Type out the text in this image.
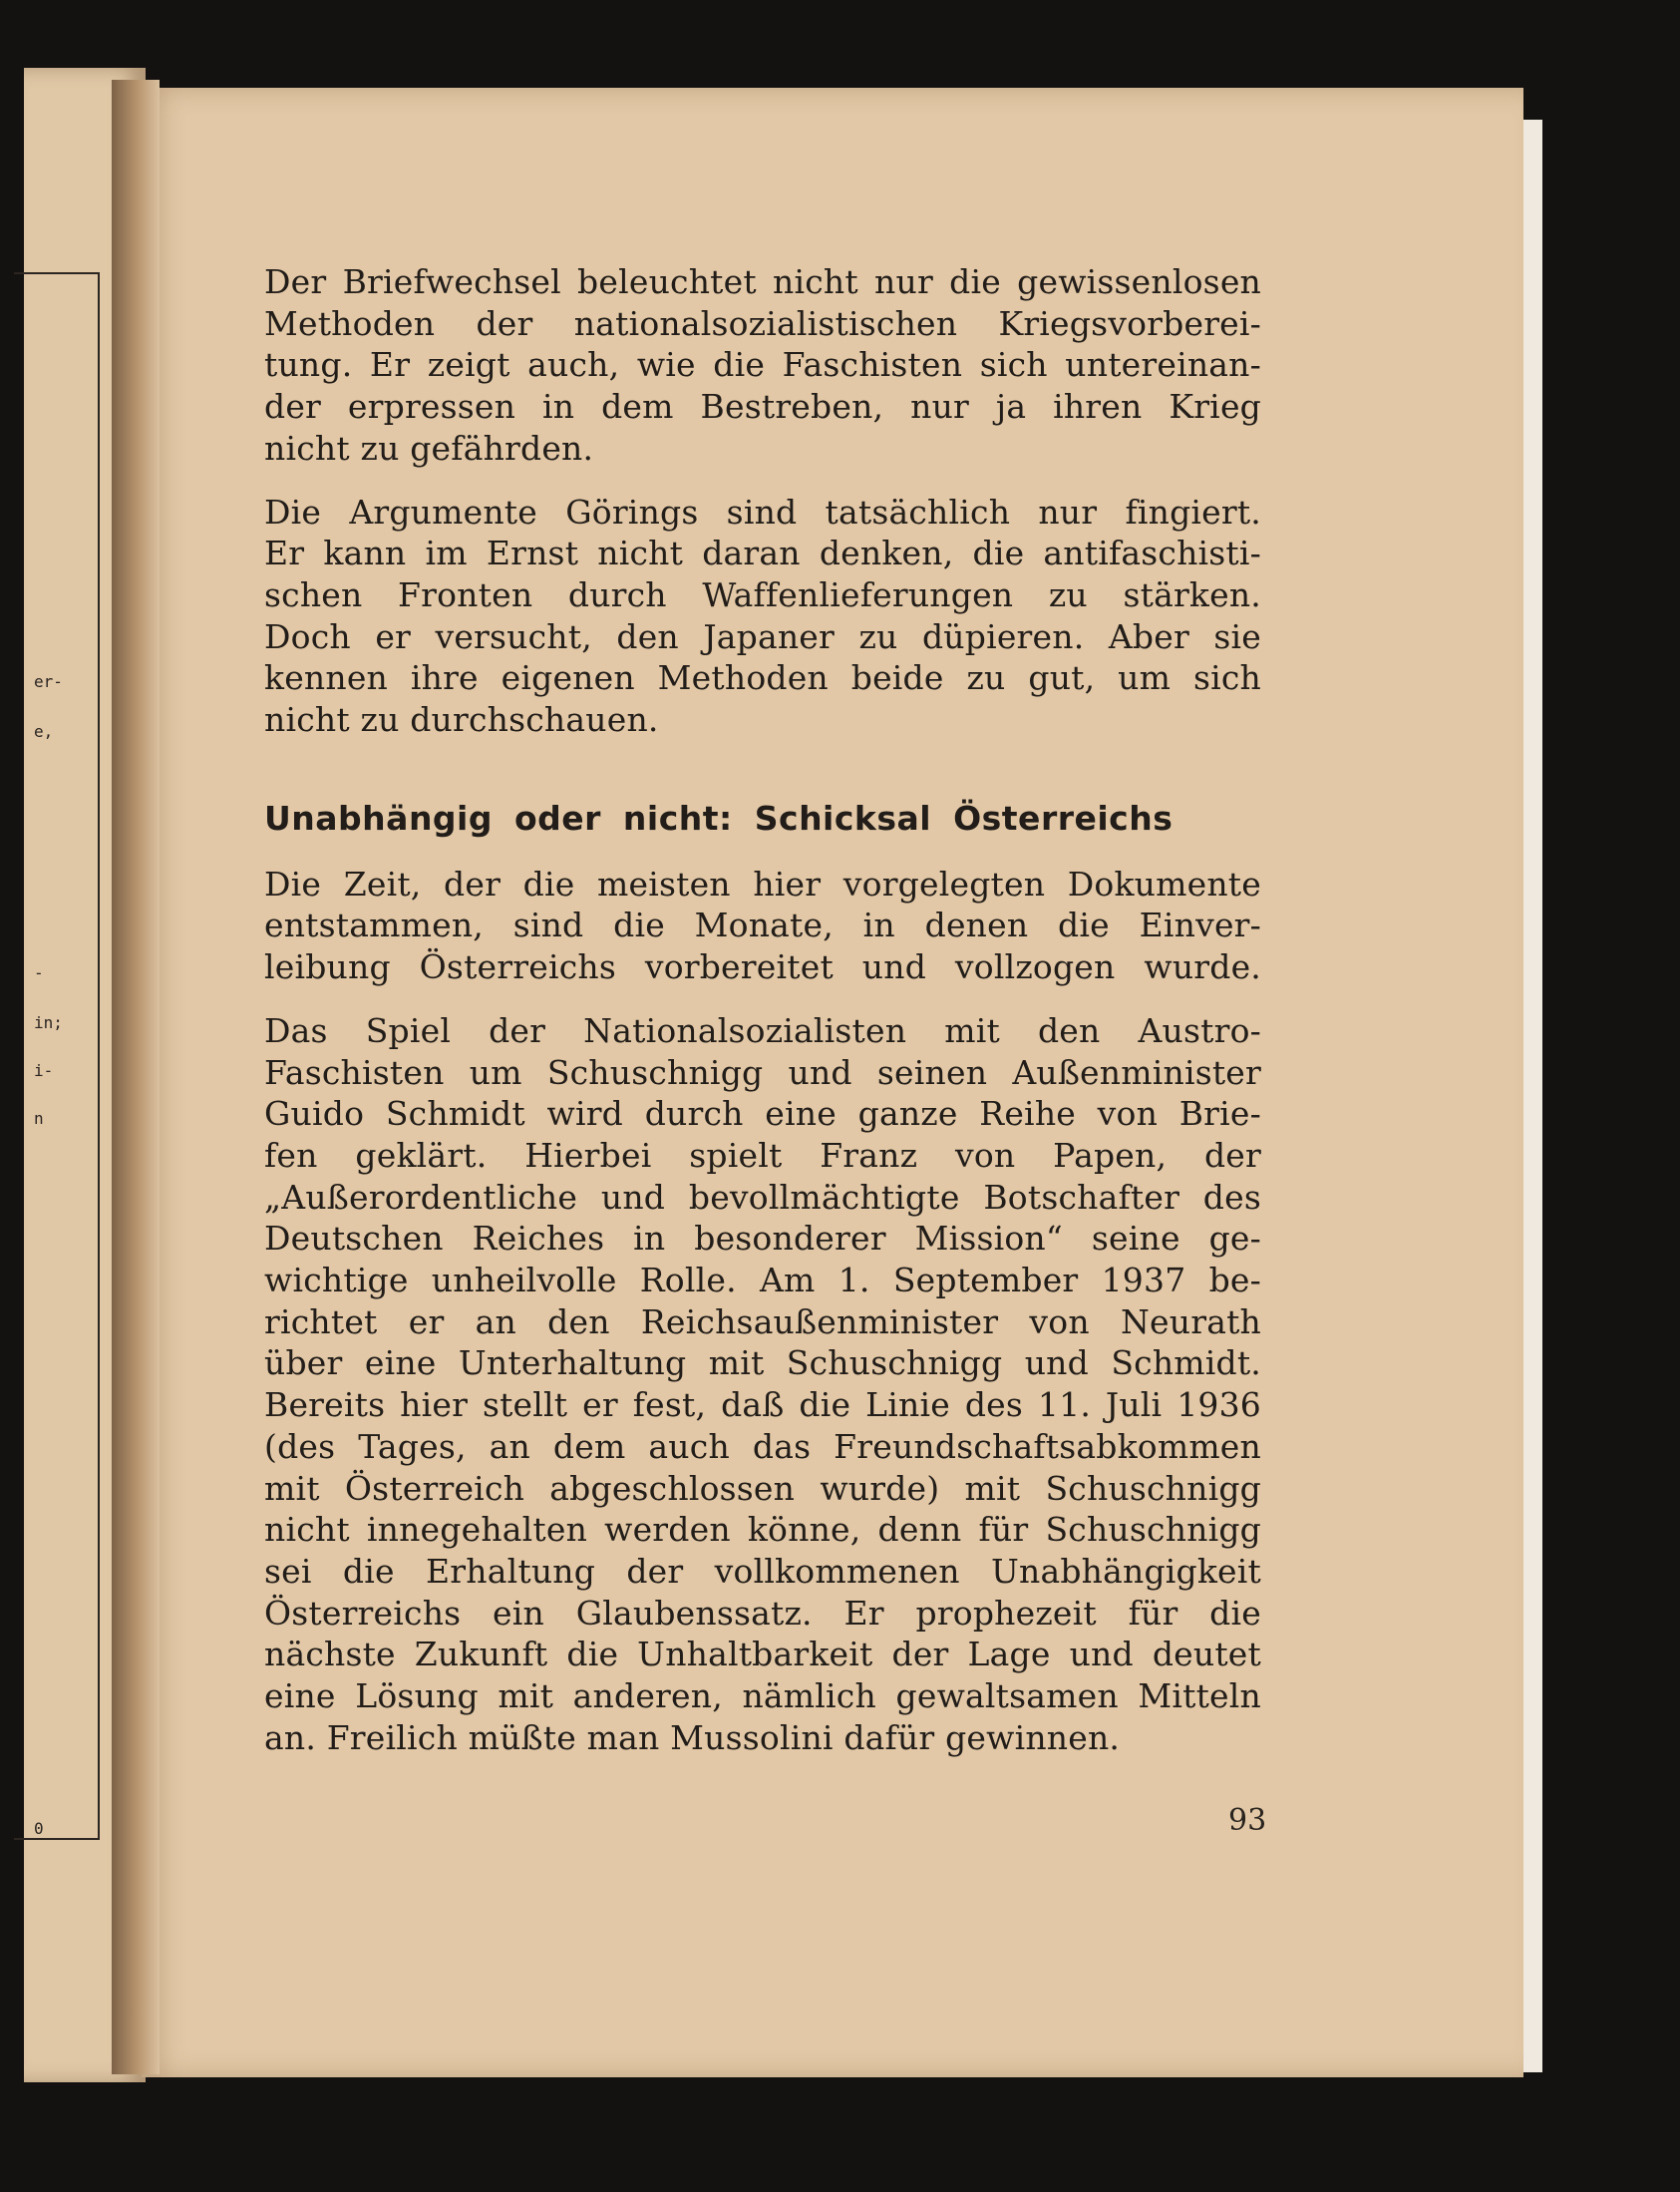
er-
e,
-
in;
i-
n
0
Der Briefwechsel beleuchtet nicht nur die gewissenlosen
Methoden der nationalsozialistischen Kriegsvorberei-
tung. Er zeigt auch, wie die Faschisten sich untereinan-
der erpressen in dem Bestreben, nur ja ihren Krieg
nicht zu gefährden.
Die Argumente Görings sind tatsächlich nur fingiert.
Er kann im Ernst nicht daran denken, die antifaschisti-
schen Fronten durch Waffenlieferungen zu stärken.
Doch er versucht, den Japaner zu düpieren. Aber sie
kennen ihre eigenen Methoden beide zu gut, um sich
nicht zu durchschauen.
Unabhängig oder nicht: Schicksal Österreichs
Die Zeit, der die meisten hier vorgelegten Dokumente
entstammen, sind die Monate, in denen die Einver-
leibung Österreichs vorbereitet und vollzogen wurde.
Das Spiel der Nationalsozialisten mit den Austro-
Faschisten um Schuschnigg und seinen Außenminister
Guido Schmidt wird durch eine ganze Reihe von Brie-
fen geklärt. Hierbei spielt Franz von Papen, der
„Außerordentliche und bevollmächtigte Botschafter des
Deutschen Reiches in besonderer Mission“ seine ge-
wichtige unheilvolle Rolle. Am 1. September 1937 be-
richtet er an den Reichsaußenminister von Neurath
über eine Unterhaltung mit Schuschnigg und Schmidt.
Bereits hier stellt er fest, daß die Linie des 11. Juli 1936
(des Tages, an dem auch das Freundschaftsabkommen
mit Österreich abgeschlossen wurde) mit Schuschnigg
nicht innegehalten werden könne, denn für Schuschnigg
sei die Erhaltung der vollkommenen Unabhängigkeit
Österreichs ein Glaubenssatz. Er prophezeit für die
nächste Zukunft die Unhaltbarkeit der Lage und deutet
eine Lösung mit anderen, nämlich gewaltsamen Mitteln
an. Freilich müßte man Mussolini dafür gewinnen.
93
